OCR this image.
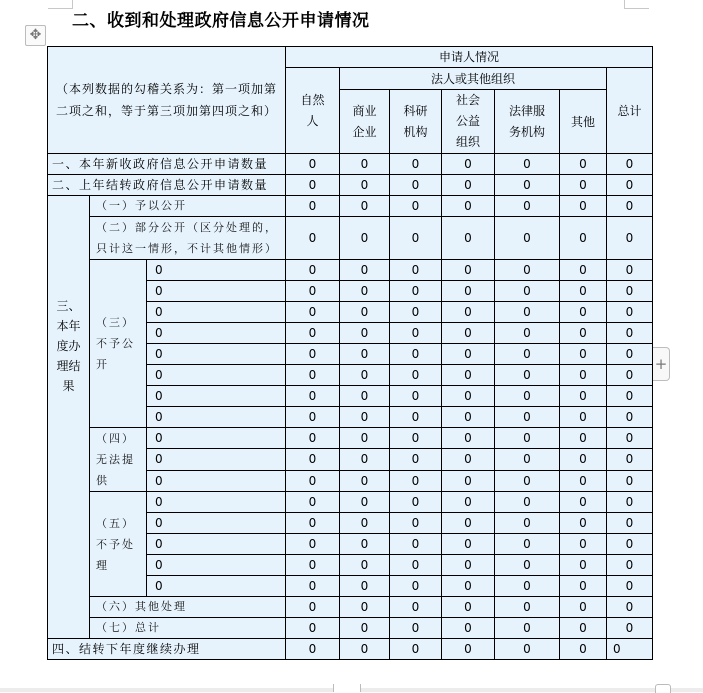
二、收到和处理政府信息公开申请情况
✥
+
（本列数据的勾稽关系为：第一项加第二项之和，等于第三项加第四项之和）			申请人情况						
			自然人	法人或其他组织					总计
				商业企业	科研机构	社会公益组织	法律服务机构	其他	
一、本年新收政府信息公开申请数量			0	0	0	0	0	0	0
二、上年结转政府信息公开申请数量			0	0	0	0	0	0	0
三、本年度办理结果	（一）予以公开		0	0	0	0	0	0	0
	（二）部分公开（区分处理的，只计这一情形，不计其他情形）		0	0	0	0	0	0	0
	（三）不予公开	0	0	0	0	0	0	0	0
		0	0	0	0	0	0	0	0
		0	0	0	0	0	0	0	0
		0	0	0	0	0	0	0	0
		0	0	0	0	0	0	0	0
		0	0	0	0	0	0	0	0
		0	0	0	0	0	0	0	0
		0	0	0	0	0	0	0	0
	（四）无法提供	0	0	0	0	0	0	0	0
		0	0	0	0	0	0	0	0
		0	0	0	0	0	0	0	0
	（五）不予处理	0	0	0	0	0	0	0	0
		0	0	0	0	0	0	0	0
		0	0	0	0	0	0	0	0
		0	0	0	0	0	0	0	0
		0	0	0	0	0	0	0	0
	（六）其他处理		0	0	0	0	0	0	0
	（七）总计		0	0	0	0	0	0	0
四、结转下年度继续办理			0	0	0	0	0	0	0
